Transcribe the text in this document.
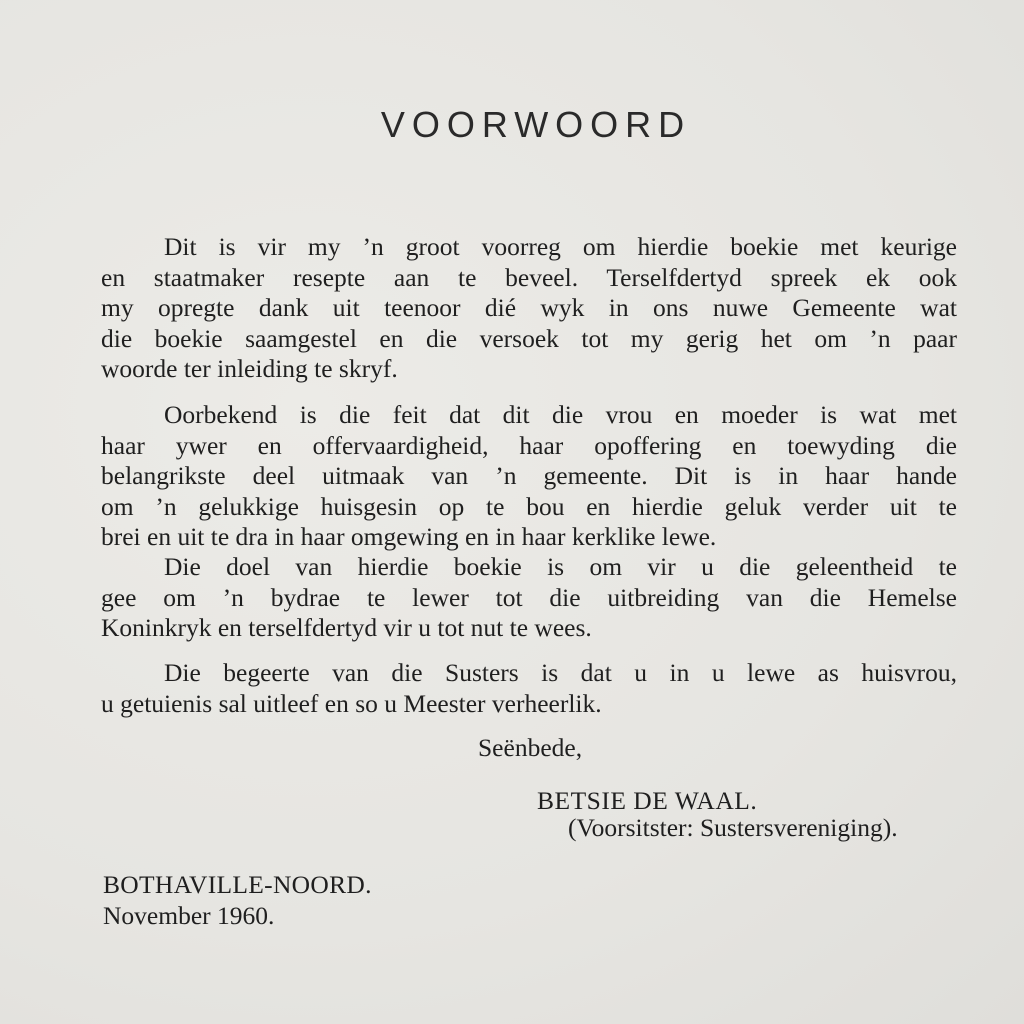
VOORWOORD
Dit is vir my ’n groot voorreg om hierdie boekie met keurige
en staatmaker resepte aan te beveel. Terselfdertyd spreek ek ook
my opregte dank uit teenoor dié wyk in ons nuwe Gemeente wat
die boekie saamgestel en die versoek tot my gerig het om ’n paar
woorde ter inleiding te skryf.
Oorbekend is die feit dat dit die vrou en moeder is wat met
haar ywer en offervaardigheid, haar opoffering en toewyding die
belangrikste deel uitmaak van ’n gemeente. Dit is in haar hande
om ’n gelukkige huisgesin op te bou en hierdie geluk verder uit te
brei en uit te dra in haar omgewing en in haar kerklike lewe.
Die doel van hierdie boekie is om vir u die geleentheid te
gee om ’n bydrae te lewer tot die uitbreiding van die Hemelse
Koninkryk en terselfdertyd vir u tot nut te wees.
Die begeerte van die Susters is dat u in u lewe as huisvrou,
u getuienis sal uitleef en so u Meester verheerlik.
Seënbede,
BETSIE DE WAAL.
(Voorsitster: Sustersvereniging).
BOTHAVILLE-NOORD.
November 1960.
